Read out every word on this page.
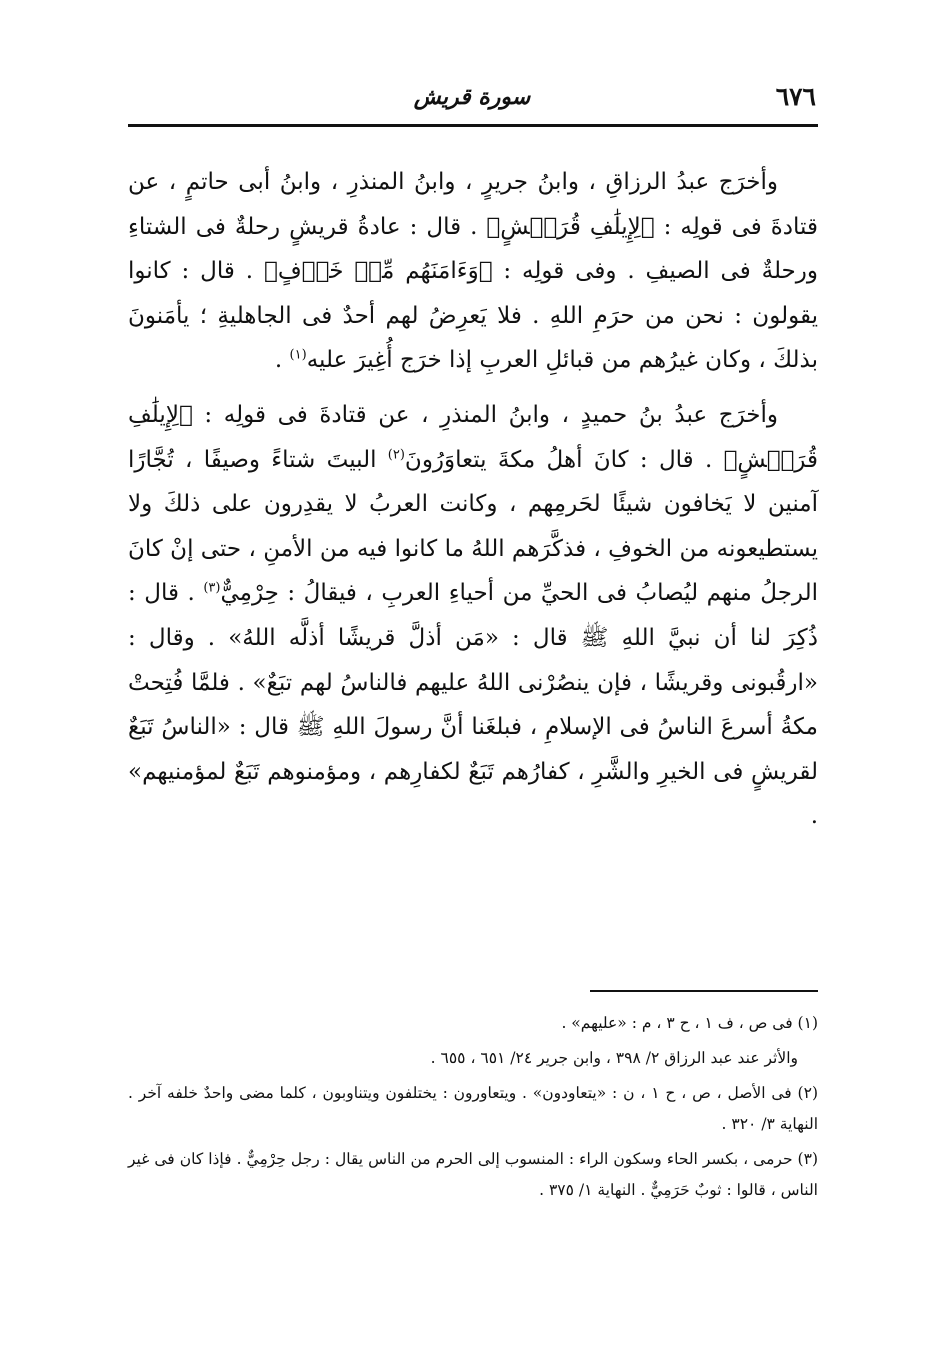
٦٧٦
سورة قريش

وأخرَج عبدُ الرزاقِ ، وابنُ جريرٍ ، وابنُ المنذرِ ، وابنُ أبى حاتمٍ ، عن قتادةَ فى قولِه : ﴿لِإِيلَٰفِ قُرَيۡشٍ﴾ . قال : عادةُ قريشٍ رحلةٌ فى الشتاءِ ورحلةٌ فى الصيفِ . وفى قولِه : ﴿وَءَامَنَهُم مِّنۡ خَوۡفٍ﴾ . قال : كانوا يقولون : نحن من حرَمِ اللهِ . فلا يَعرِضُ لهم أحدٌ فى الجاهليةِ ؛ يأمَنونَ بذلكَ ، وكان غيرُهم من قبائلِ العربِ إذا خرَج أُغِيرَ عليه$^{(١)}$ .

وأخرَج عبدُ بنُ حميدٍ ، وابنُ المنذرِ ، عن قتادةَ فى قولِه : ﴿لِإِيلَٰفِ قُرَيۡشٍ﴾ . قال : كانَ أهلُ مكةَ يتعاوَرُونَ$^{(٢)}$ البيتَ شتاءً وصيفًا ، تُجَّارًا آمنين لا يَخافون شيئًا لحَرمِهم ، وكانت العربُ لا يقدِرون على ذلكَ ولا يستطيعونه من الخوفِ ، فذكَّرَهم اللهُ ما كانوا فيه من الأمنِ ، حتى إنْ كانَ الرجلُ منهم ليُصابُ فى الحيِّ من أحياءِ العربِ ، فيقالُ : حِرْمِيٌّ$^{(٣)}$ . قال : ذُكِرَ لنا أن نبيَّ اللهِ ﷺ قال : «مَن أذلَّ قريشًا أذلَّه اللهُ» . وقال : «ارقُبونى وقريشًا ، فإن ينصُرْنى اللهُ عليهم فالناسُ لهم تبَعٌ» . فلمَّا فُتِحتْ مكةُ أسرعَ الناسُ فى الإسلامِ ، فبلغَنا أنَّ رسولَ اللهِ ﷺ قال : «الناسُ تَبَعٌ لقريشٍ فى الخيرِ والشَّرِ ، كفارُهم تَبَعٌ لكفارِهم ، ومؤمنوهم تَبَعٌ لمؤمنيهم» .

(١) فى ص ، ف ١ ، ح ٣ ، م : «عليهم» .

والأثر عند عبد الرزاق ٢/ ٣٩٨ ، وابن جرير ٢٤/ ٦٥١ ، ٦٥٥ .

(٢) فى الأصل ، ص ، ح ١ ، ن : «يتعاودون» . ويتعاورون : يختلفون ويتناوبون ، كلما مضى واحدٌ خلفه آخر . النهاية ٣/ ٣٢٠ .

(٣) حرمى ، بكسر الحاء وسكون الراء : المنسوب إلى الحرم من الناس يقال : رجل حِرْمِيٌّ . فإذا كان فى غير الناس ، قالوا : ثوبٌ حَرَمِيٌّ . النهاية ١/ ٣٧٥ .
